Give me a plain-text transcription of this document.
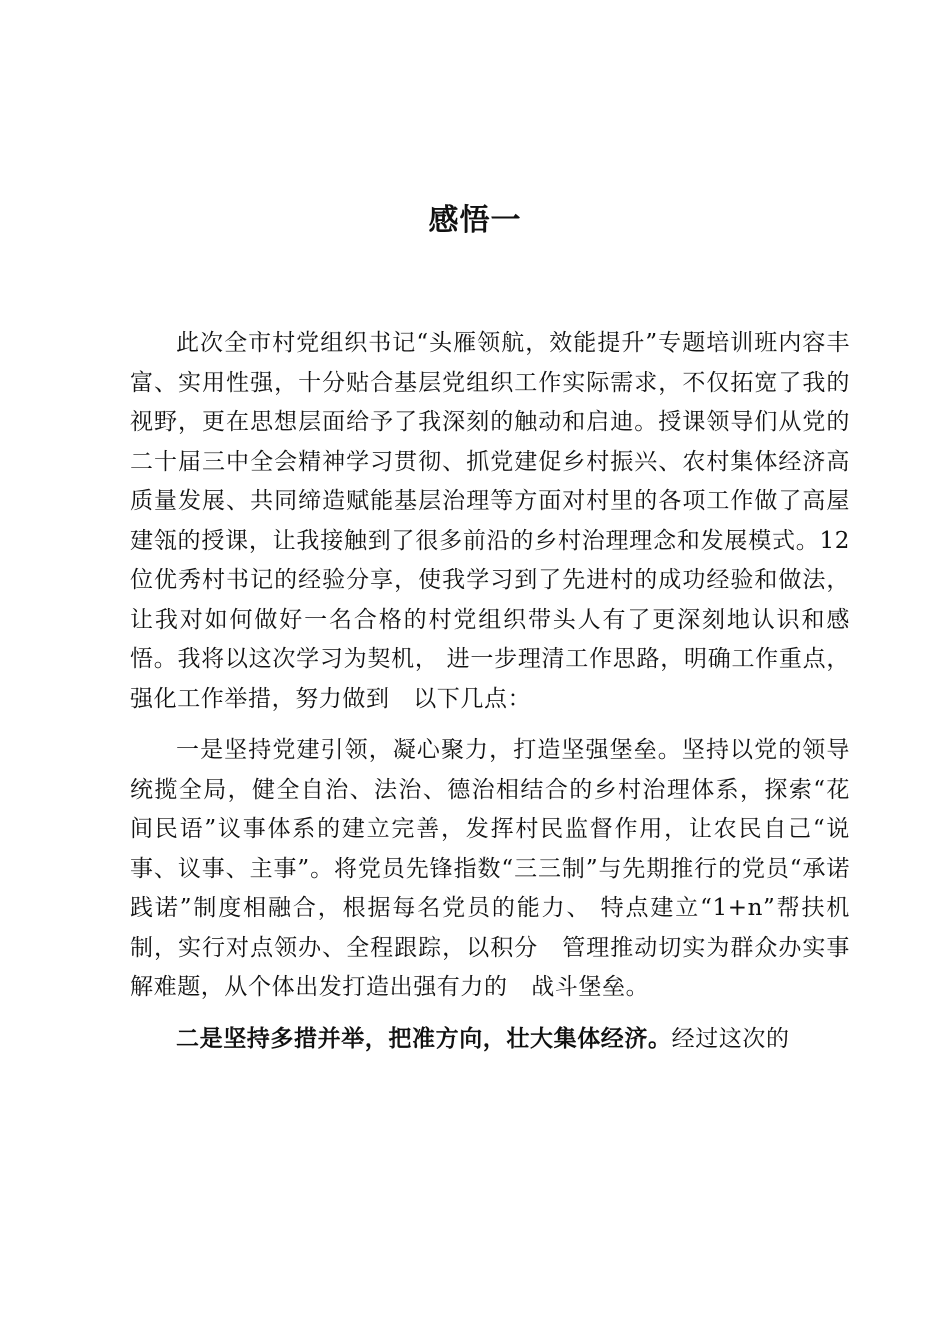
感悟一

此次全市村党组织书记“头雁领航，效能提升”专题培训班内容丰富、实用性强，十分贴合基层党组织工作实际需求，不仅拓宽了我的视野，更在思想层面给予了我深刻的触动和启迪。授课领导们从党的二十届三中全会精神学习贯彻、抓党建促乡村振兴、农村集体经济高质量发展、共同缔造赋能基层治理等方面对村里的各项工作做了高屋建瓴的授课，让我接触到了很多前沿的乡村治理理念和发展模式。12位优秀村书记的经验分享，使我学习到了先进村的成功经验和做法，让我对如何做好一名合格的村党组织带头人有了更深刻地认识和感悟。我将以这次学习为契机， 进一步理清工作思路，明确工作重点，强化工作举措，努力做到　以下几点：

一是坚持党建引领，凝心聚力，打造坚强堡垒。坚持以党的领导统揽全局，健全自治、法治、德治相结合的乡村治理体系，探索“花间民语”议事体系的建立完善，发挥村民监督作用，让农民自己“说事、议事、主事”。将党员先锋指数“三三制”与先期推行的党员“承诺践诺”制度相融合，根据每名党员的能力、 特点建立“1+n”帮扶机制，实行对点领办、全程跟踪，以积分　管理推动切实为群众办实事解难题，从个体出发打造出强有力的　战斗堡垒。

二是坚持多措并举，把准方向，壮大集体经济。经过这次的
